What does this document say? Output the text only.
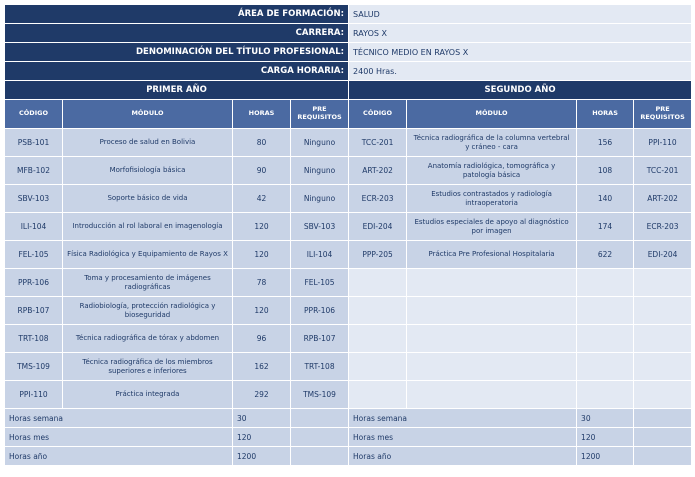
ÁREA DE FORMACIÓN:				SALUD			
CARRERA:				RAYOS X			
DENOMINACIÓN DEL TÍTULO PROFESIONAL:				TÉCNICO MEDIO EN RAYOS X			
CARGA HORARIA:				2400 Hras.			
PRIMER AÑO				SEGUNDO AÑO			
CÓDIGO	MÓDULO	HORAS	PRE REQUISITOS	CÓDIGO	MÓDULO	HORAS	PRE REQUISITOS
PSB-101	Proceso de salud en Bolivia	80	Ninguno	TCC-201	Técnica radiográfica de la columna vertebral y cráneo - cara	156	PPI-110
MFB-102	Morfofisiología básica	90	Ninguno	ART-202	Anatomía radiológica, tomográfica y patología básica	108	TCC-201
SBV-103	Soporte básico de vida	42	Ninguno	ECR-203	Estudios contrastados y radiología intraoperatoria	140	ART-202
ILI-104	Introducción al rol laboral en imagenología	120	SBV-103	EDI-204	Estudios especiales de apoyo al diagnóstico por imagen	174	ECR-203
FEL-105	Física Radiológica y Equipamiento de Rayos X	120	ILI-104	PPP-205	Práctica Pre Profesional Hospitalaria	622	EDI-204
PPR-106	Toma y procesamiento de imágenes radiográficas	78	FEL-105				
RPB-107	Radiobiología, protección radiológica y bioseguridad	120	PPR-106				
TRT-108	Técnica radiográfica de tórax y abdomen	96	RPB-107				
TMS-109	Técnica radiográfica de los miembros superiores e inferiores	162	TRT-108				
PPI-110	Práctica integrada	292	TMS-109				
Horas semana		30		Horas semana		30	
Horas mes		120		Horas mes		120	
Horas año		1200		Horas año		1200	
